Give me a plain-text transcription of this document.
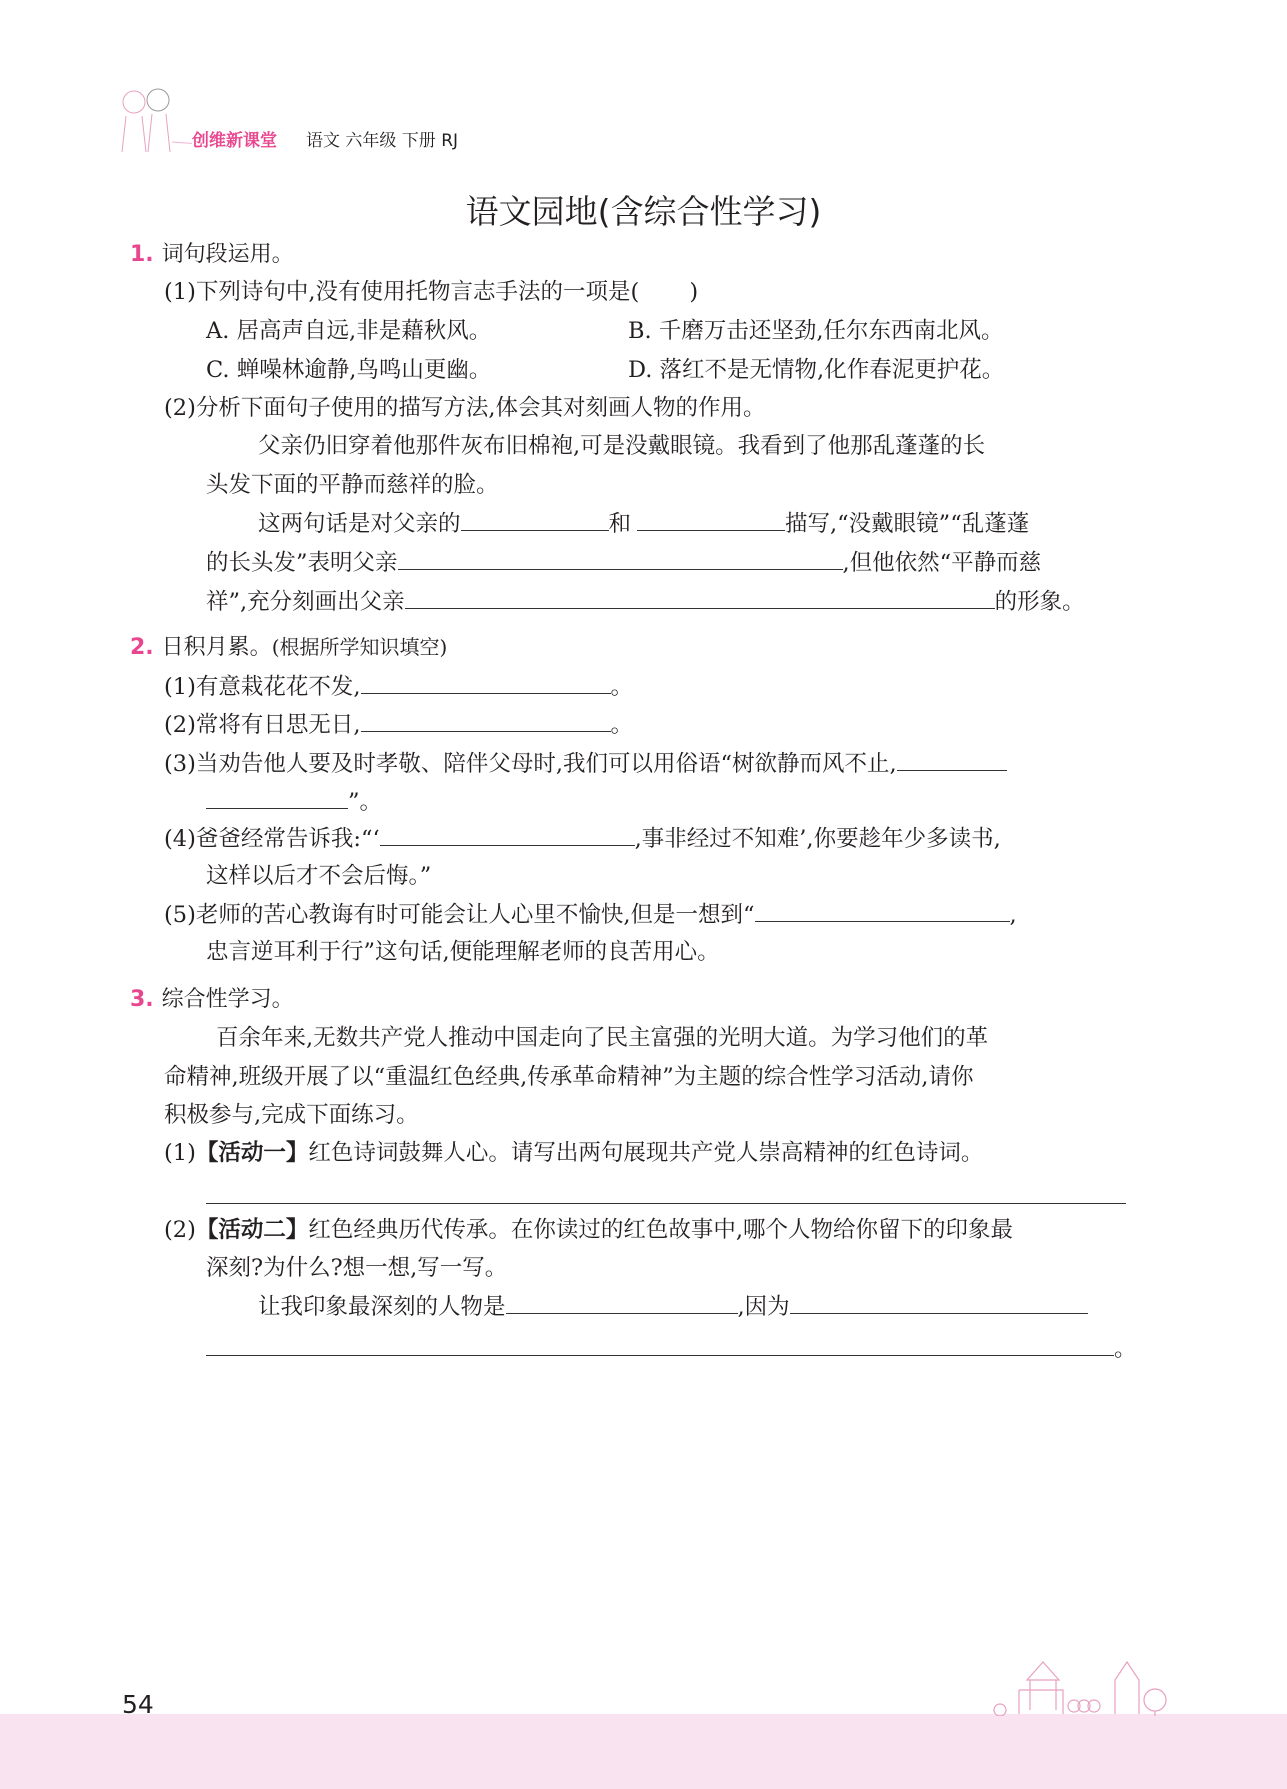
创维新课堂 语文 六年级 下册 RJ
语文园地(含综合性学习)
1. 词句段运用。
(1)下列诗句中,没有使用托物言志手法的一项是( )
A. 居高声自远,非是藉秋风。	B. 千磨万击还坚劲,任尔东西南北风。
C. 蝉噪林逾静,鸟鸣山更幽。	D. 落红不是无情物,化作春泥更护花。
(2)分析下面句子使用的描写方法,体会其对刻画人物的作用。
父亲仍旧穿着他那件灰布旧棉袍,可是没戴眼镜。我看到了他那乱蓬蓬的长
头发下面的平静而慈祥的脸。
这两句话是对父亲的	和	描写,“没戴眼镜”“乱蓬蓬
的长头发”表明父亲	,但他依然“平静而慈
祥”,充分刻画出父亲	的形象。
2. 日积月累。(根据所学知识填空)
(1)有意栽花花不发,	。
(2)常将有日思无日,	。
(3)当劝告他人要及时孝敬、陪伴父母时,我们可以用俗语“树欲静而风不止,
”。
(4)爸爸经常告诉我:“‘	,事非经过不知难’,你要趁年少多读书,
这样以后才不会后悔。”
(5)老师的苦心教诲有时可能会让人心里不愉快,但是一想到“	,
忠言逆耳利于行”这句话,便能理解老师的良苦用心。
3. 综合性学习。
百余年来,无数共产党人推动中国走向了民主富强的光明大道。为学习他们的革
命精神,班级开展了以“重温红色经典,传承革命精神”为主题的综合性学习活动,请你
积极参与,完成下面练习。
(1)【活动一】红色诗词鼓舞人心。请写出两句展现共产党人崇高精神的红色诗词。
(2)【活动二】红色经典历代传承。在你读过的红色故事中,哪个人物给你留下的印象最
深刻?为什么?想一想,写一写。
让我印象最深刻的人物是	,因为
。
54
